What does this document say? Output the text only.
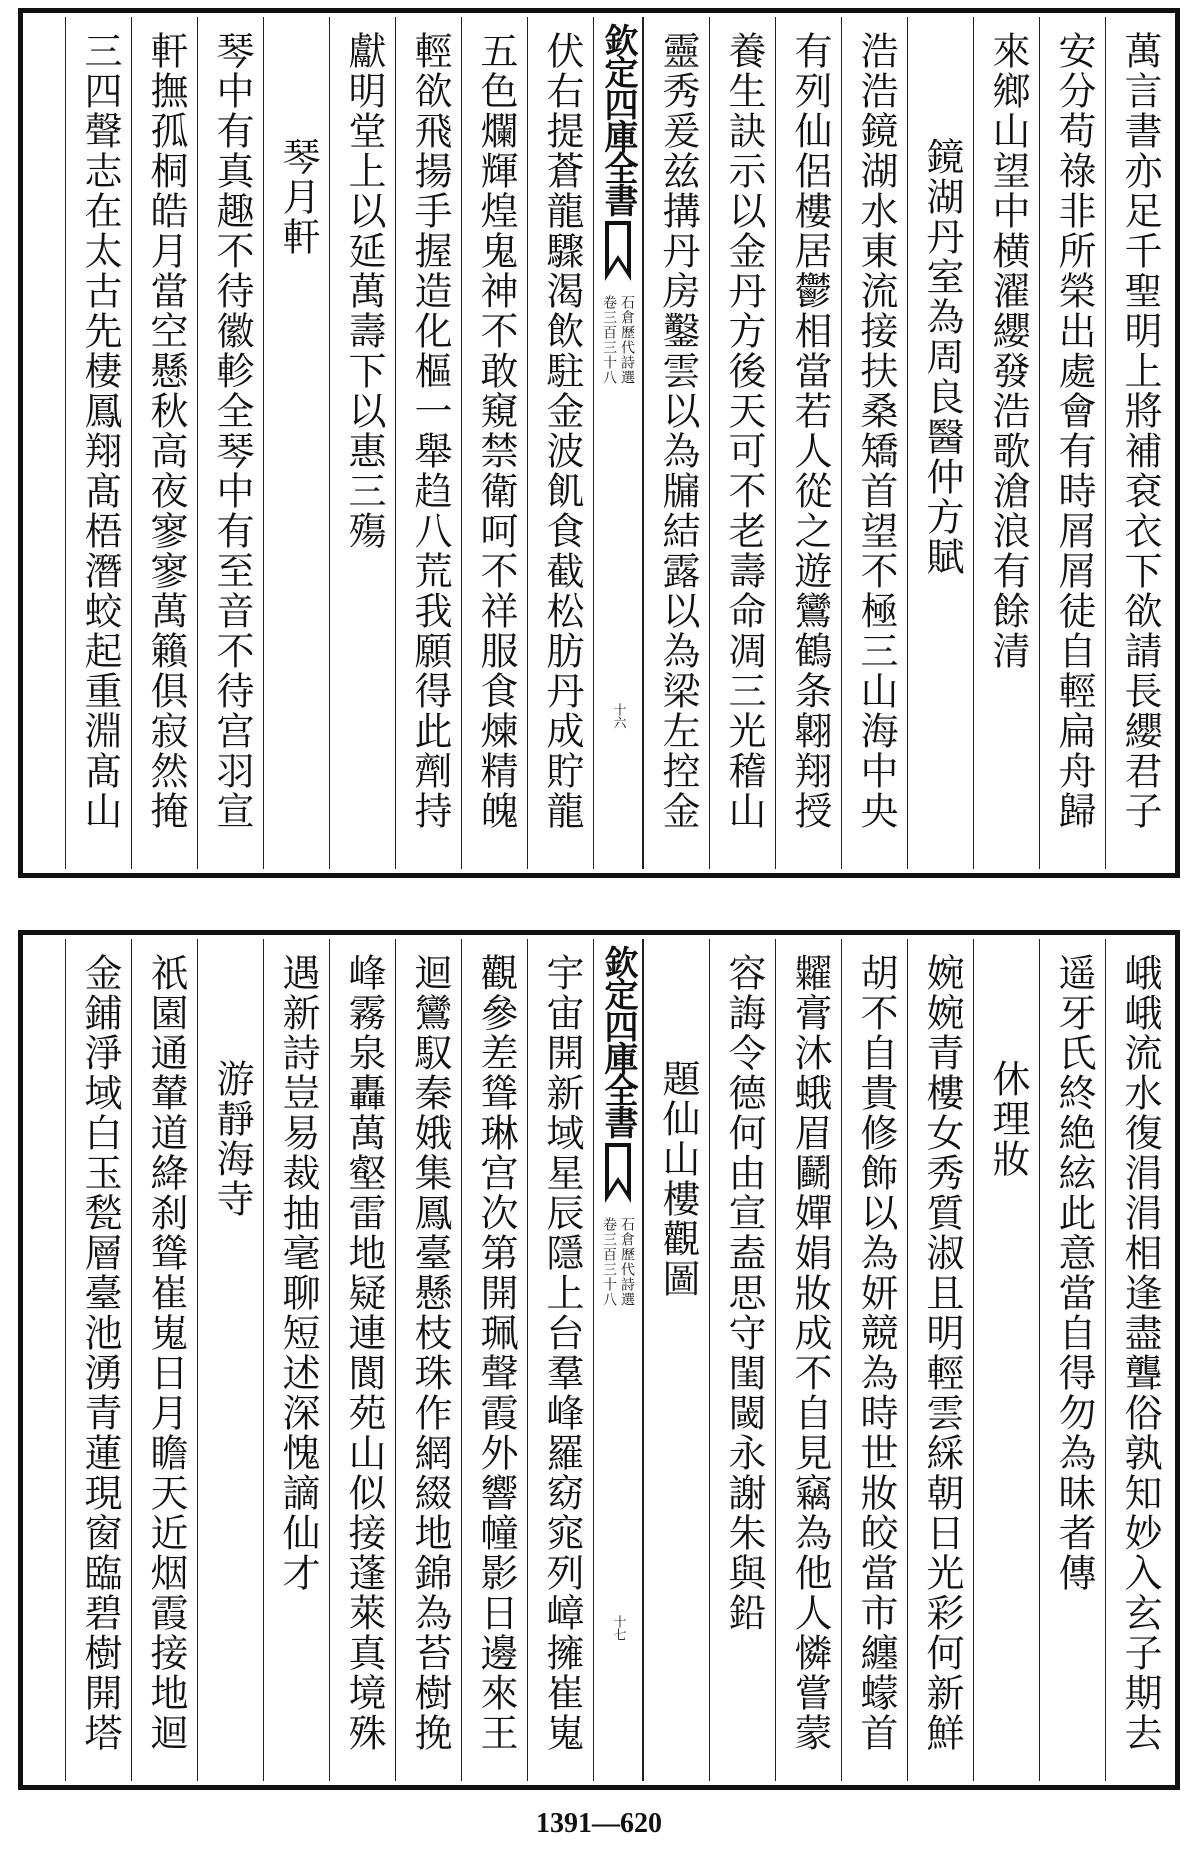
萬言書亦足千聖明上將補袞衣下欲請長纓君子
安分苟祿非所榮出處會有時屑屑徒自輕扁舟歸
來鄉山望中横濯纓發浩歌滄浪有餘清
鏡湖丹室為周良醫仲方賦
浩浩鏡湖水東流接扶桑矯首望不極三山海中央
有列仙侶樓居鬱相當若人從之遊鸞鶴条翺翔授
養生訣示以金丹方後天可不老壽命凋三光稽山
靈秀爰兹搆丹房鑿雲以為牖結露以為梁左控金
欽定四庫全書
石倉歷代詩選
卷三百三十八
十六
伏右提蒼龍驟渴飲駐金波飢食截松肪丹成貯龍
五色爛輝煌鬼神不敢窺禁衛呵不祥服食煉精魄
輕欲飛揚手握造化樞一舉趋八荒我願得此劑持
獻明堂上以延萬壽下以惠三殤
琴月軒
琴中有真趣不待徽軫全琴中有至音不待宫羽宣
軒撫孤桐皓月當空懸秋高夜寥寥萬籟俱寂然掩
三四聲志在太古先棲鳳翔髙梧潛蛟起重淵髙山
峨峨流水復涓涓相逢盡聾俗孰知妙入玄子期去
遥牙氏終絶絃此意當自得勿為昧者傳
休理妝
婉婉青樓女秀質淑且明輕雲綵朝日光彩何新鮮
胡不自貴修飾以為妍競為時世妝皎當市纏蠓首
糶膏沐蛾眉鬬嬋娟妝成不自見竊為他人憐嘗蒙
容誨令德何由宣盍思守閨閾永謝朱與鉛
題仙山樓觀圖
欽定四庫全書
石倉歷代詩選
卷三百三十八
十七
宇宙開新域星辰隱上台羣峰羅窈窕列嶂擁崔嵬
觀參差聳琳宫次第開珮聲霞外響幢影日邊來王
迴鸞馭秦娥集鳳臺懸枝珠作網綴地錦為苔樹挽
峰霧泉轟萬壑雷地疑連閬苑山似接蓬萊真境殊
遇新詩豈易裁抽毫聊短述深愧謫仙才
游靜海寺
祇園通輦道絳刹聳崔嵬日月瞻天近烟霞接地迴
金鋪淨域白玉甃層臺池湧青蓮現窗臨碧樹開塔
1391—620
